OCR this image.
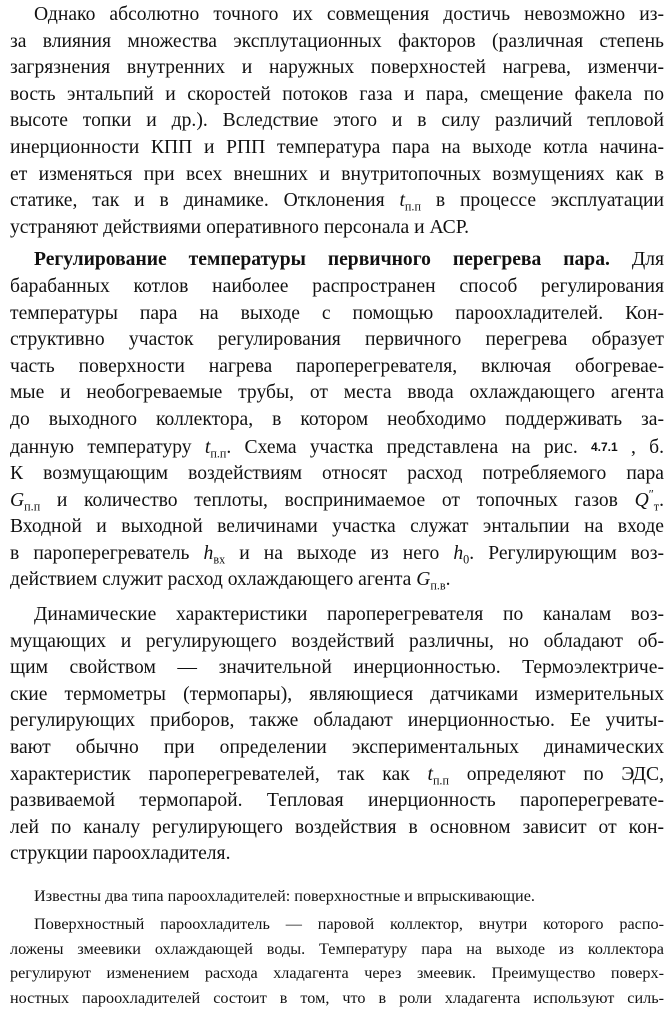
Однако абсолютно точного их совмещения достичь невозможно из-
за влияния множества эксплутационных факторов (различная степень
загрязнения внутренних и наружных поверхностей нагрева, изменчи-
вость энтальпий и скоростей потоков газа и пара, смещение факела по
высоте топки и др.). Вследствие этого и в силу различий тепловой
инерционности КПП и РПП температура пара на выходе котла начина-
ет изменяться при всех внешних и внутритопочных возмущениях как в
статике, так и в динамике. Отклонения $t_{п.п}$ в процессе эксплуатации
устраняют действиями оперативного персонала и АСР.
Регулирование температуры первичного перегрева пара. Для
барабанных котлов наиболее распространен способ регулирования
температуры пара на выходе с помощью пароохладителей. Кон-
структивно участок регулирования первичного перегрева образует
часть поверхности нагрева пароперегревателя, включая обогревае-
мые и необогреваемые трубы, от места ввода охлаждающего агента
до выходного коллектора, в котором необходимо поддерживать за-
данную температуру $t_{п.п}$. Схема участка представлена на рис. 4.7.1 , б.
К возмущающим воздействиям относят расход потребляемого пара
$G_{п.п}$ и количество теплоты, воспринимаемое от топочных газов $Q''_т$.
Входной и выходной величинами участка служат энтальпии на входе
в пароперегреватель $h_{вх}$ и на выходе из него $h_0$. Регулирующим воз-
действием служит расход охлаждающего агента $G_{п.в}$.
Динамические характеристики пароперегревателя по каналам воз-
мущающих и регулирующего воздействий различны, но обладают об-
щим свойством — значительной инерционностью. Термоэлектриче-
ские термометры (термопары), являющиеся датчиками измерительных
регулирующих приборов, также обладают инерционностью. Ее учиты-
вают обычно при определении экспериментальных динамических
характеристик пароперегревателей, так как $t_{п.п}$ определяют по ЭДС,
развиваемой термопарой. Тепловая инерционность пароперегревате-
лей по каналу регулирующего воздействия в основном зависит от кон-
струкции пароохладителя.
Известны два типа пароохладителей: поверхностные и впрыскивающие.
Поверхностный пароохладитель — паровой коллектор, внутри которого распо-
ложены змеевики охлаждающей воды. Температуру пара на выходе из коллектора
регулируют изменением расхода хладагента через змеевик. Преимущество поверх-
ностных пароохладителей состоит в том, что в роли хладагента используют силь-
